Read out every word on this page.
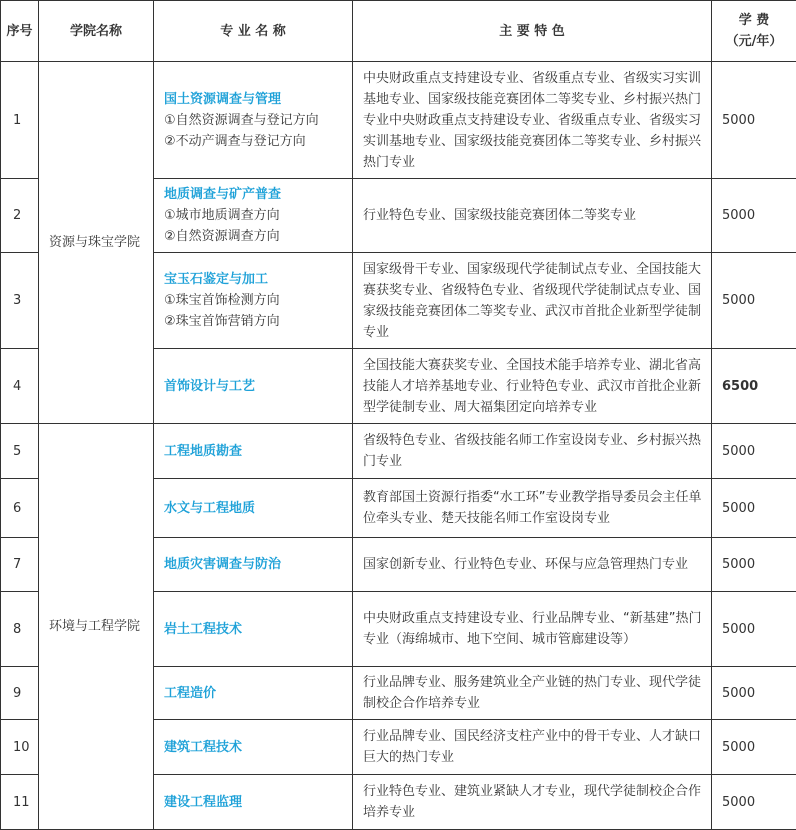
序号	学院名称	专 业 名 称	主 要 特 色	学 费
（元/年）

1	资源与珠宝学院	国土资源调查与管理
①自然资源调查与登记方向
②不动产调查与登记方向	中央财政重点支持建设专业、省级重点专业、省级实习实训基地专业、国家级技能竞赛团体二等奖专业、乡村振兴热门专业中央财政重点支持建设专业、省级重点专业、省级实习实训基地专业、国家级技能竞赛团体二等奖专业、乡村振兴热门专业	5000
2		地质调查与矿产普查
①城市地质调查方向
②自然资源调查方向	行业特色专业、国家级技能竞赛团体二等奖专业	5000
3		宝玉石鉴定与加工
①珠宝首饰检测方向
②珠宝首饰营销方向	国家级骨干专业、国家级现代学徒制试点专业、全国技能大赛获奖专业、省级特色专业、省级现代学徒制试点专业、国家级技能竞赛团体二等奖专业、武汉市首批企业新型学徒制专业	5000
4		首饰设计与工艺	全国技能大赛获奖专业、全国技术能手培养专业、湖北省高技能人才培养基地专业、行业特色专业、武汉市首批企业新型学徒制专业、周大福集团定向培养专业	6500
5	环境与工程学院	工程地质勘查	省级特色专业、省级技能名师工作室设岗专业、乡村振兴热门专业	5000
6		水文与工程地质	教育部国土资源行指委“水工环”专业教学指导委员会主任单位牵头专业、楚天技能名师工作室设岗专业	5000
7		地质灾害调查与防治	国家创新专业、行业特色专业、环保与应急管理热门专业	5000
8		岩土工程技术	中央财政重点支持建设专业、行业品牌专业、“新基建”热门专业（海绵城市、地下空间、城市管廊建设等）	5000
9		工程造价	行业品牌专业、服务建筑业全产业链的热门专业、现代学徒制校企合作培养专业	5000
10		建筑工程技术	行业品牌专业、国民经济支柱产业中的骨干专业、人才缺口巨大的热门专业	5000
11		建设工程监理	行业特色专业、建筑业紧缺人才专业，现代学徒制校企合作培养专业	5000
